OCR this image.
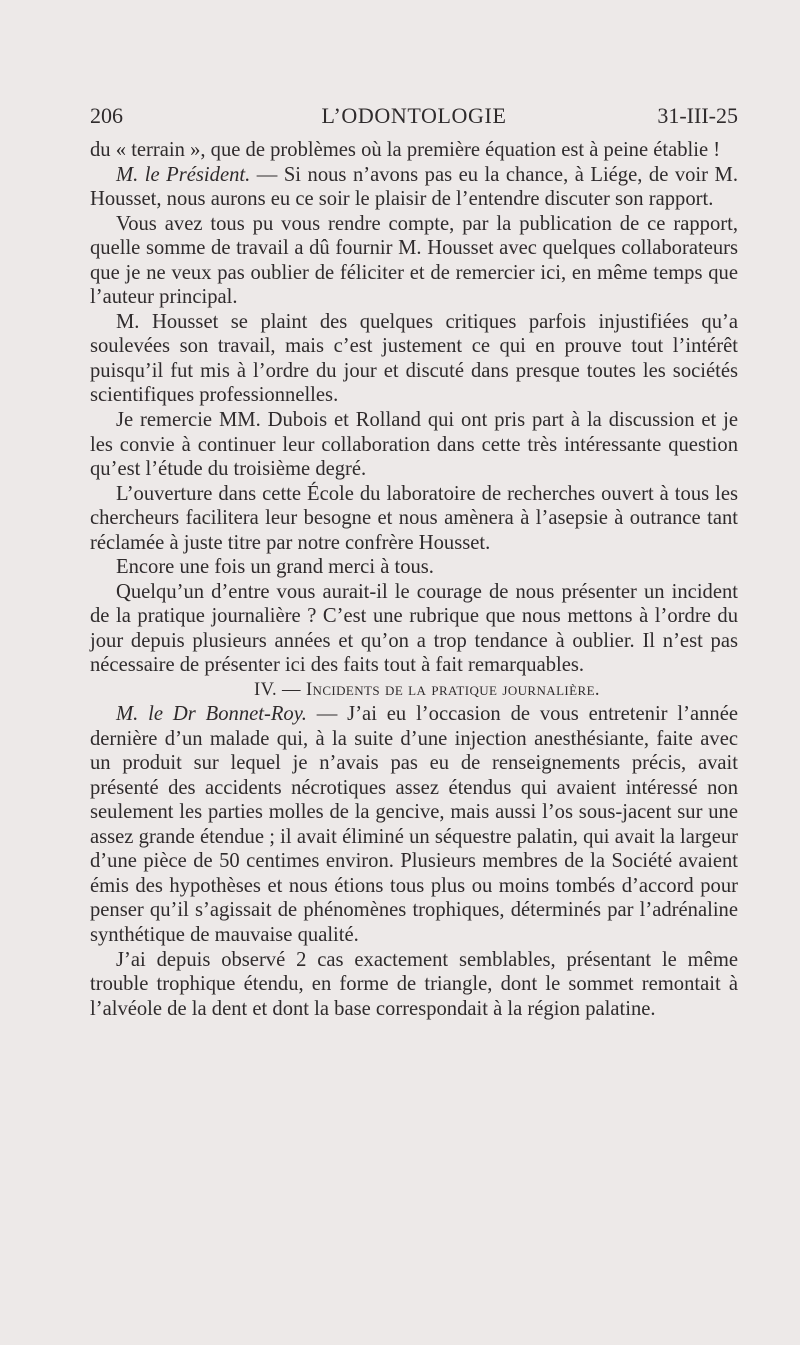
206	L’ODONTOLOGIE	31-III-25

du « terrain », que de problèmes où la première équation est à peine établie !

M. le Président. — Si nous n’avons pas eu la chance, à Liége, de voir M. Housset, nous aurons eu ce soir le plaisir de l’entendre discuter son rapport.

Vous avez tous pu vous rendre compte, par la publication de ce rapport, quelle somme de travail a dû fournir M. Housset avec quelques collaborateurs que je ne veux pas oublier de féliciter et de remercier ici, en même temps que l’auteur principal.

M. Housset se plaint des quelques critiques parfois injustifiées qu’a soulevées son travail, mais c’est justement ce qui en prouve tout l’intérêt puisqu’il fut mis à l’ordre du jour et discuté dans presque toutes les sociétés scientifiques professionnelles.

Je remercie MM. Dubois et Rolland qui ont pris part à la discussion et je les convie à continuer leur collaboration dans cette très intéressante question qu’est l’étude du troisième degré.

L’ouverture dans cette École du laboratoire de recherches ouvert à tous les chercheurs facilitera leur besogne et nous amènera à l’asepsie à outrance tant réclamée à juste titre par notre confrère Housset.

Encore une fois un grand merci à tous.

Quelqu’un d’entre vous aurait-il le courage de nous présenter un incident de la pratique journalière ? C’est une rubrique que nous mettons à l’ordre du jour depuis plusieurs années et qu’on a trop tendance à oublier. Il n’est pas nécessaire de présenter ici des faits tout à fait remarquables.

IV. — Incidents de la pratique journalière.

M. le Dr Bonnet-Roy. — J’ai eu l’occasion de vous entretenir l’année dernière d’un malade qui, à la suite d’une injection anesthésiante, faite avec un produit sur lequel je n’avais pas eu de renseignements précis, avait présenté des accidents nécrotiques assez étendus qui avaient intéressé non seulement les parties molles de la gencive, mais aussi l’os sous-jacent sur une assez grande étendue ; il avait éliminé un séquestre palatin, qui avait la largeur d’une pièce de 50 centimes environ. Plusieurs membres de la Société avaient émis des hypothèses et nous étions tous plus ou moins tombés d’accord pour penser qu’il s’agissait de phénomènes trophiques, déterminés par l’adrénaline synthétique de mauvaise qualité.

J’ai depuis observé 2 cas exactement semblables, présentant le même trouble trophique étendu, en forme de triangle, dont le sommet remontait à l’alvéole de la dent et dont la base correspondait à la région palatine.
